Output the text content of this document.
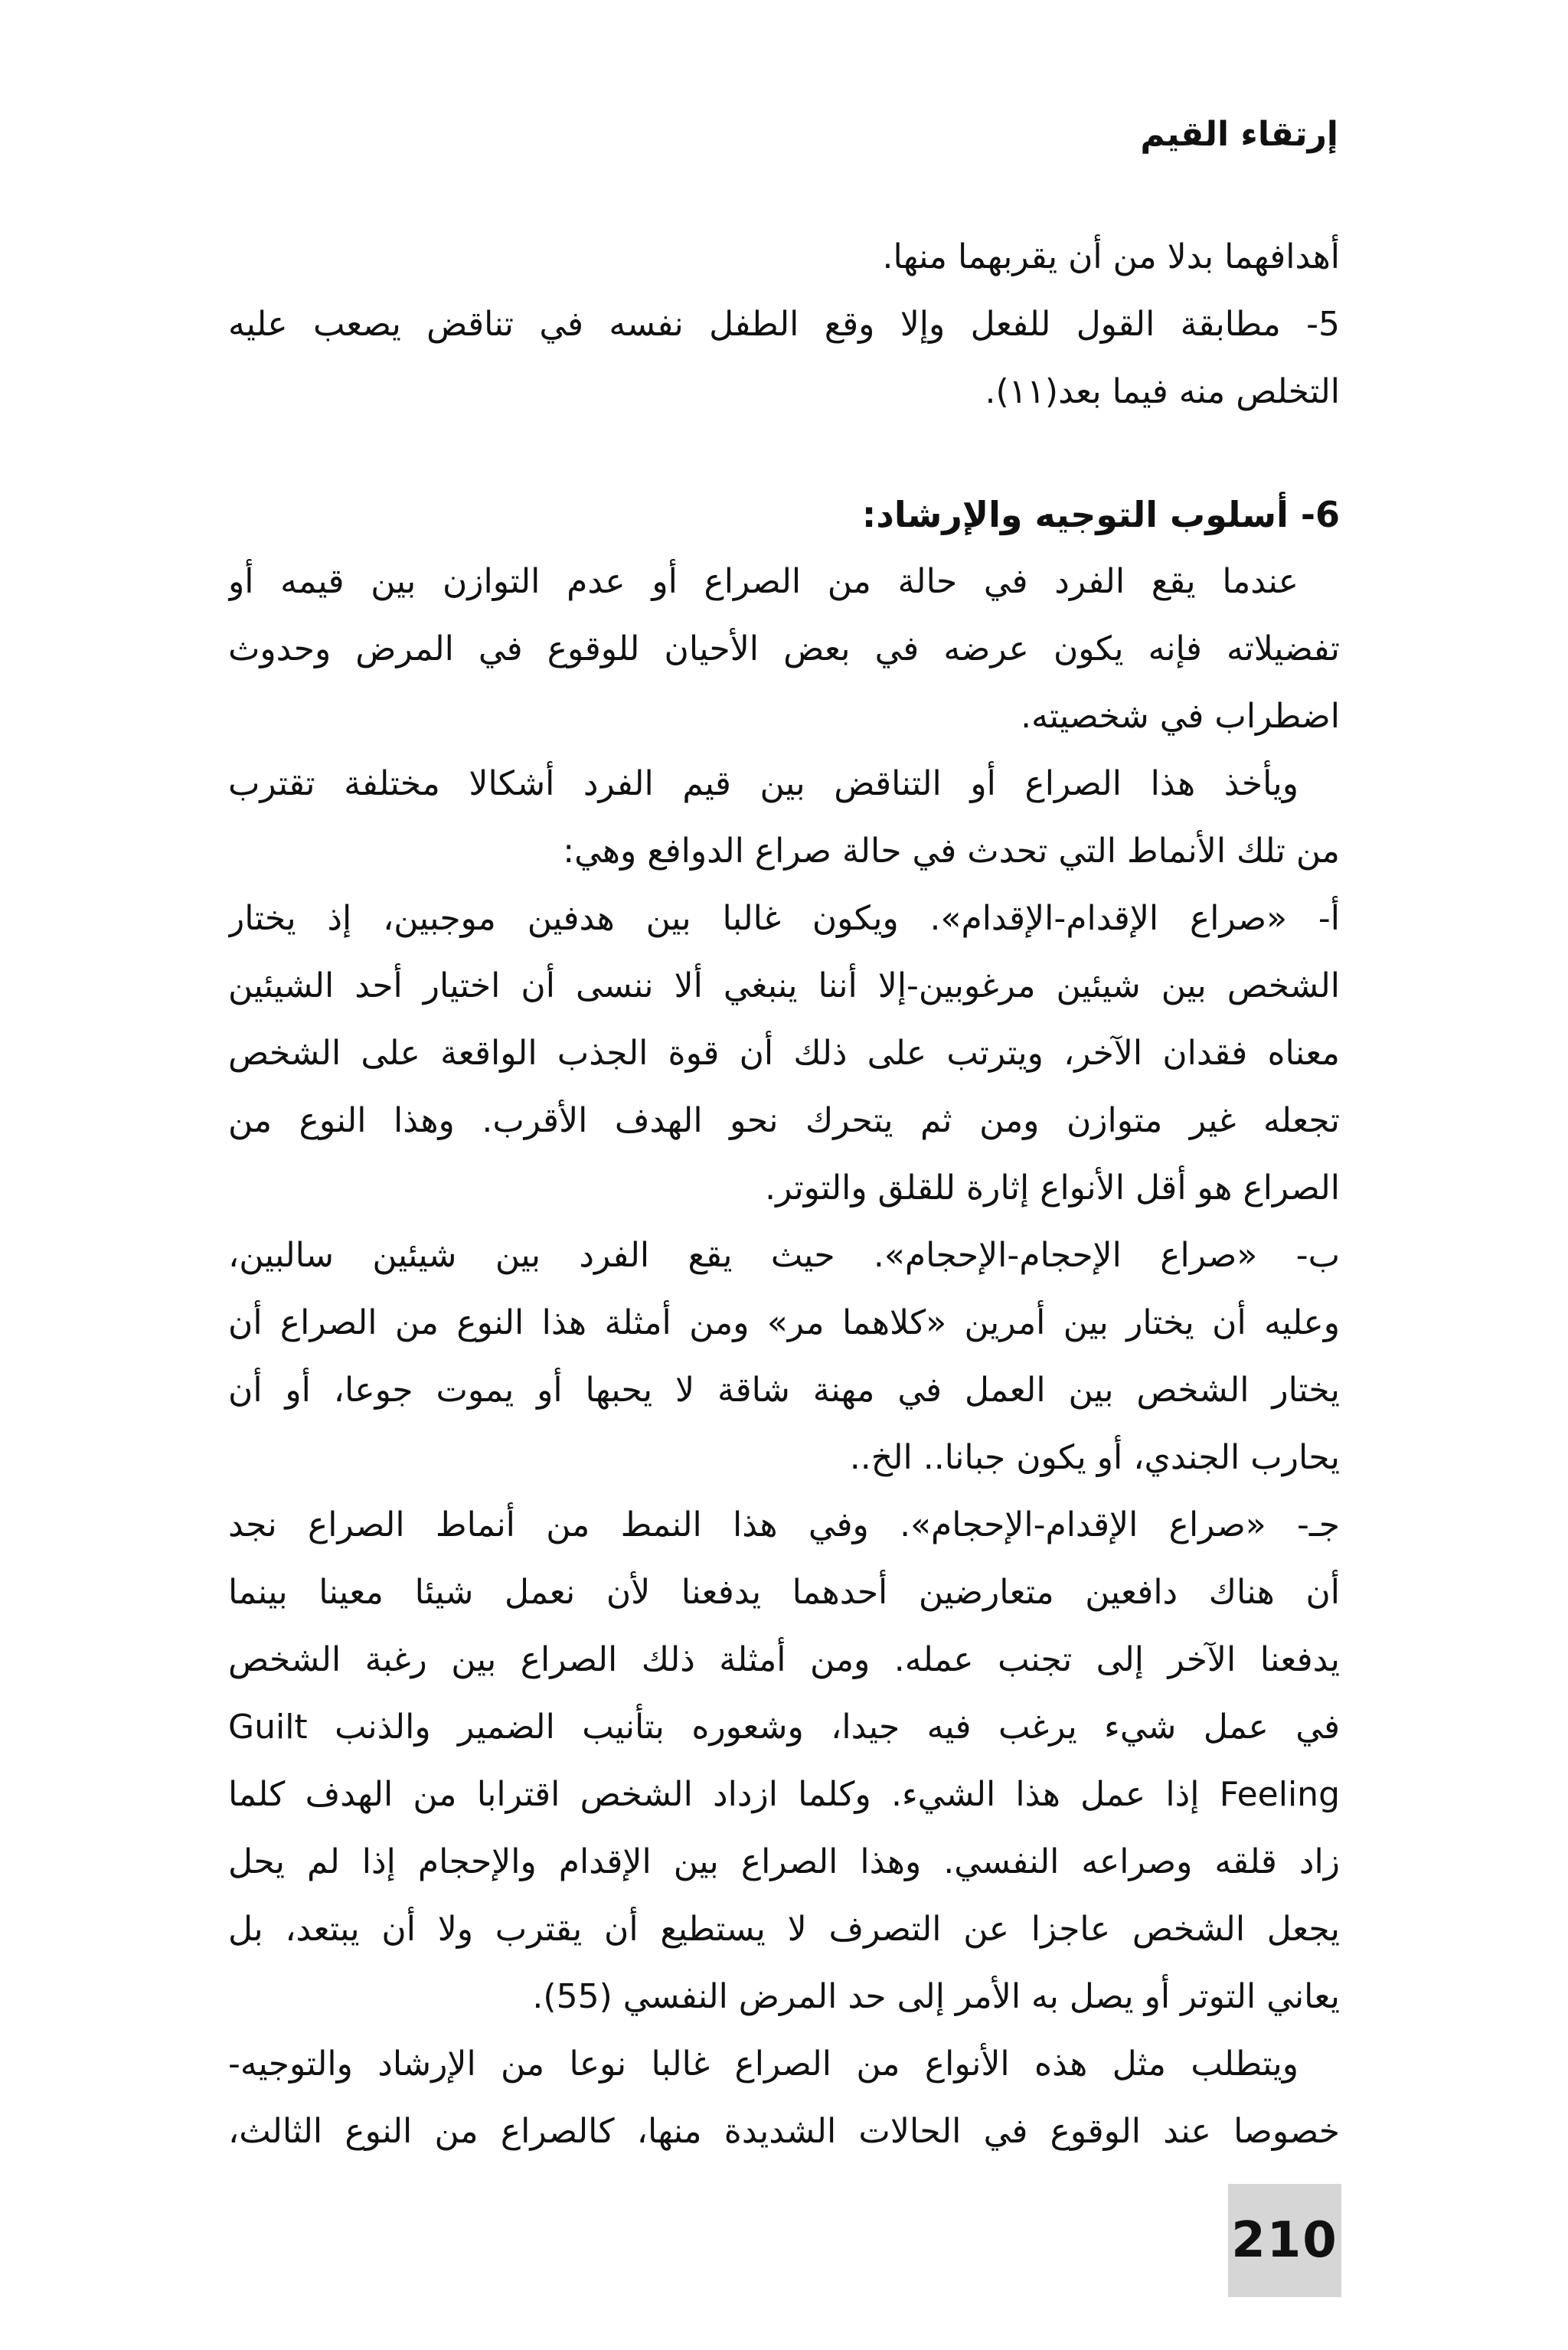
إرتقاء القيم
أهدافهما بدلا من أن يقربهما منها.
5- مطابقة القول للفعل وإلا وقع الطفل نفسه في تناقض يصعب عليه
التخلص منه فيما بعد(١١).
6- أسلوب التوجيه والإرشاد:
عندما يقع الفرد في حالة من الصراع أو عدم التوازن بين قيمه أو
تفضيلاته فإنه يكون عرضه في بعض الأحيان للوقوع في المرض وحدوث
اضطراب في شخصيته.
ويأخذ هذا الصراع أو التناقض بين قيم الفرد أشكالا مختلفة تقترب
من تلك الأنماط التي تحدث في حالة صراع الدوافع وهي:
أ- «صراع الإقدام-الإقدام». ويكون غالبا بين هدفين موجبين، إذ يختار
الشخص بين شيئين مرغوبين-إلا أننا ينبغي ألا ننسى أن اختيار أحد الشيئين
معناه فقدان الآخر، ويترتب على ذلك أن قوة الجذب الواقعة على الشخص
تجعله غير متوازن ومن ثم يتحرك نحو الهدف الأقرب. وهذا النوع من
الصراع هو أقل الأنواع إثارة للقلق والتوتر.
ب- «صراع الإحجام-الإحجام». حيث يقع الفرد بين شيئين سالبين،
وعليه أن يختار بين أمرين «كلاهما مر» ومن أمثلة هذا النوع من الصراع أن
يختار الشخص بين العمل في مهنة شاقة لا يحبها أو يموت جوعا، أو أن
يحارب الجندي، أو يكون جبانا.. الخ..
جـ- «صراع الإقدام-الإحجام». وفي هذا النمط من أنماط الصراع نجد
أن هناك دافعين متعارضين أحدهما يدفعنا لأن نعمل شيئا معينا بينما
يدفعنا الآخر إلى تجنب عمله. ومن أمثلة ذلك الصراع بين رغبة الشخص
في عمل شيء يرغب فيه جيدا، وشعوره بتأنيب الضمير والذنب Guilt
Feeling إذا عمل هذا الشيء. وكلما ازداد الشخص اقترابا من الهدف كلما
زاد قلقه وصراعه النفسي. وهذا الصراع بين الإقدام والإحجام إذا لم يحل
يجعل الشخص عاجزا عن التصرف لا يستطيع أن يقترب ولا أن يبتعد، بل
يعاني التوتر أو يصل به الأمر إلى حد المرض النفسي (55).
ويتطلب مثل هذه الأنواع من الصراع غالبا نوعا من الإرشاد والتوجيه-
خصوصا عند الوقوع في الحالات الشديدة منها، كالصراع من النوع الثالث،
210
